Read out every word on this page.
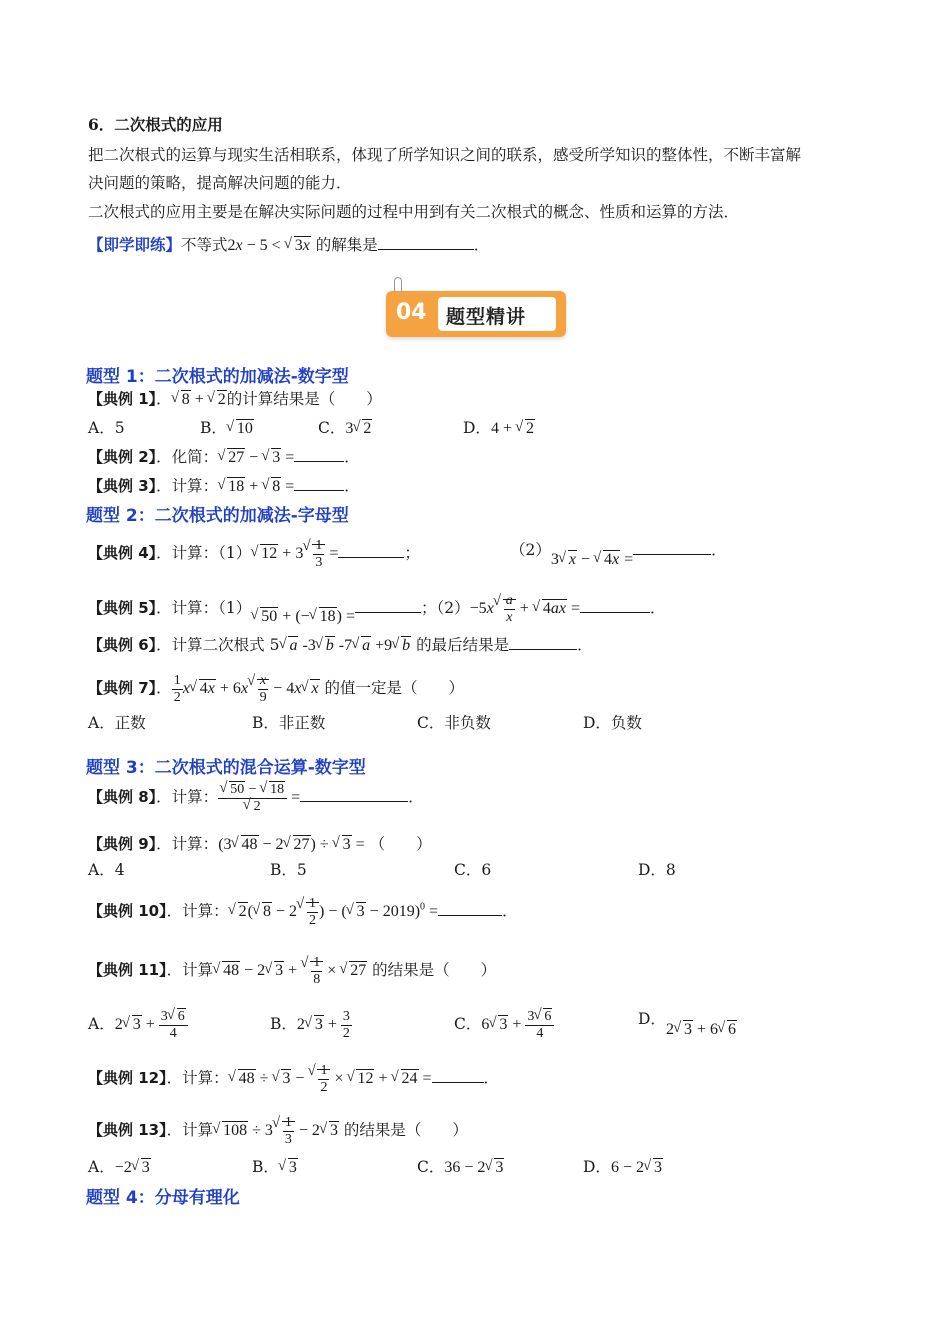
6．二次根式的应用
把二次根式的运算与现实生活相联系，体现了所学知识之间的联系，感受所学知识的整体性，不断丰富解
决问题的策略，提高解决问题的能力．
二次根式的应用主要是在解决实际问题的过程中用到有关二次根式的概念、性质和运算的方法．
【即学即练】不等式2x − 5 < √ 3x 的解集是	．
04 题型精讲
题型 1：二次根式的加减法-数字型
【典例 1】．√ 8 + √ 2的计算结果是（　　）
A．5	B．√ 10	C．3√ 2	D．4 + √ 2
【典例 2】．化简：√ 27 − √ 3 =	．
【典例 3】．计算：√ 18 + √ 8 =	．
题型 2：二次根式的加减法-字母型
【典例 4】．计算：（1）√ 12 + 3
√ $\frac{1}{3}$ =	；	（2）3√ x − √ 4x =．
【典例 5】．计算：（1）√ 50 + (−√ 18) =	；（2）−5x
√ $\frac{a}{x}$ + √ 4ax =	．
【典例 6】．计算二次根式 5√ a -3√ b -7√ a +9√ b 的最后结果是	．
【典例 7】． $\frac{1}{2} x√$ 4x + 6x
√ $\frac{x}{9} - 4x√$ x 的值一定是（　　）
A．正数	B．非正数	C．非负数	D．负数
题型 3：二次根式的混合运算-数字型
【典例 8】．计算：
√ 50 − √ 18
√ 2 =	．
【典例 9】．计算：(3√ 48 − 2√ 27) ÷ √ 3 = （　　）
A．4	B．5	C．6	D．8
【典例 10】．计算：√ 2(√ 8 − 2
√ $\frac{1}{2}$ ) − (√ 3 − 2019)$^0$ =	．
【典例 11】．计算√ 48 − 2√ 3 +
√ $\frac{1}{8}$ × √ 27 的结果是（　　）
A．2√ $3 + \frac{3√ 6}{4}$	B．2√ $3 + \frac{3}{2}$	C．6√ $3 + \frac{3√ 6}{4}$	D．2√ 3 + 6√ 6
【典例 12】．计算：√ 48 ÷ √ 3 −
√ $\frac{1}{2}$ × √ 12 + √ 24 =	．
【典例 13】．计算√ 108 ÷ 3
√ $\frac{1}{3} - 2√$ 3 的结果是（　　）
A．−2√ 3	B．√ 3	C．36 − 2√ 3	D．6 − 2√ 3
题型 4：分母有理化
